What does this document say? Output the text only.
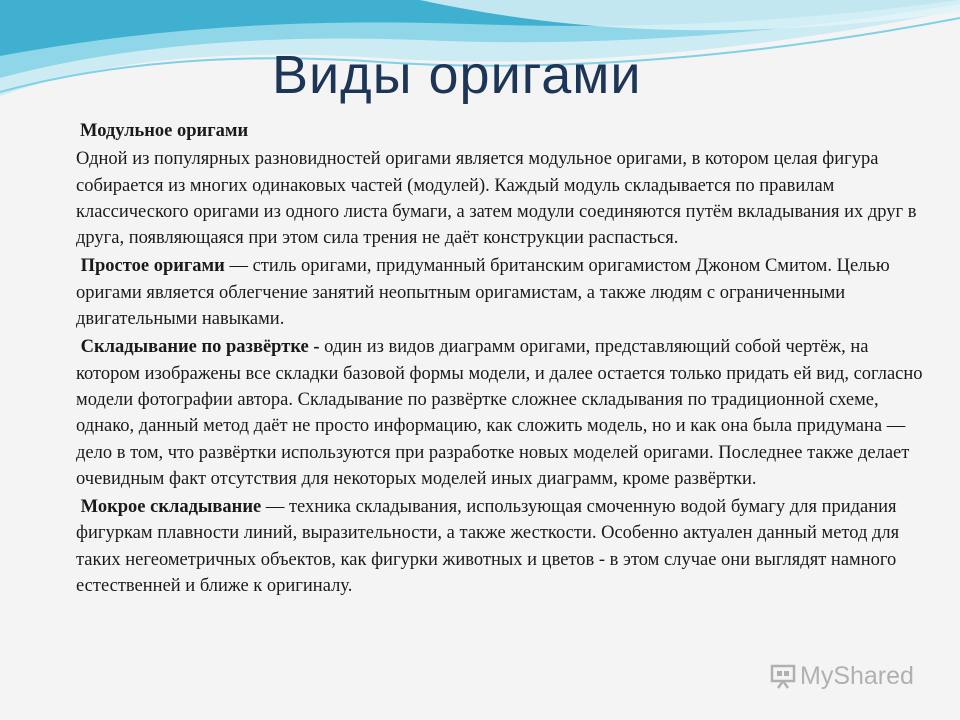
Виды оригами

Модульное оригами

Одной из популярных разновидностей оригами является модульное оригами, в котором целая фигура собирается из многих одинаковых частей (модулей). Каждый модуль складывается по правилам классического оригами из одного листа бумаги, а затем модули соединяются путём вкладывания их друг в друга, появляющаяся при этом сила трения не даёт конструкции распасться.

Простое оригами — стиль оригами, придуманный британским оригамистом Джоном Смитом. Целью оригами является облегчение занятий неопытным оригамистам, а также людям с ограниченными двигательными навыками.

Складывание по развёртке - один из видов диаграмм оригами, представляющий собой чертёж, на котором изображены все складки базовой формы модели, и далее остается только придать ей вид, согласно модели фотографии автора. Складывание по развёртке сложнее складывания по традиционной схеме, однако, данный метод даёт не просто информацию, как сложить модель, но и как она была придумана — дело в том, что развёртки используются при разработке новых моделей оригами. Последнее также делает очевидным факт отсутствия для некоторых моделей иных диаграмм, кроме развёртки.

Мокрое складывание — техника складывания, использующая смоченную водой бумагу для придания фигуркам плавности линий, выразительности, а также жесткости. Особенно актуален данный метод для таких негеометричных объектов, как фигурки животных и цветов - в этом случае они выглядят намного естественней и ближе к оригиналу.

MyShared
